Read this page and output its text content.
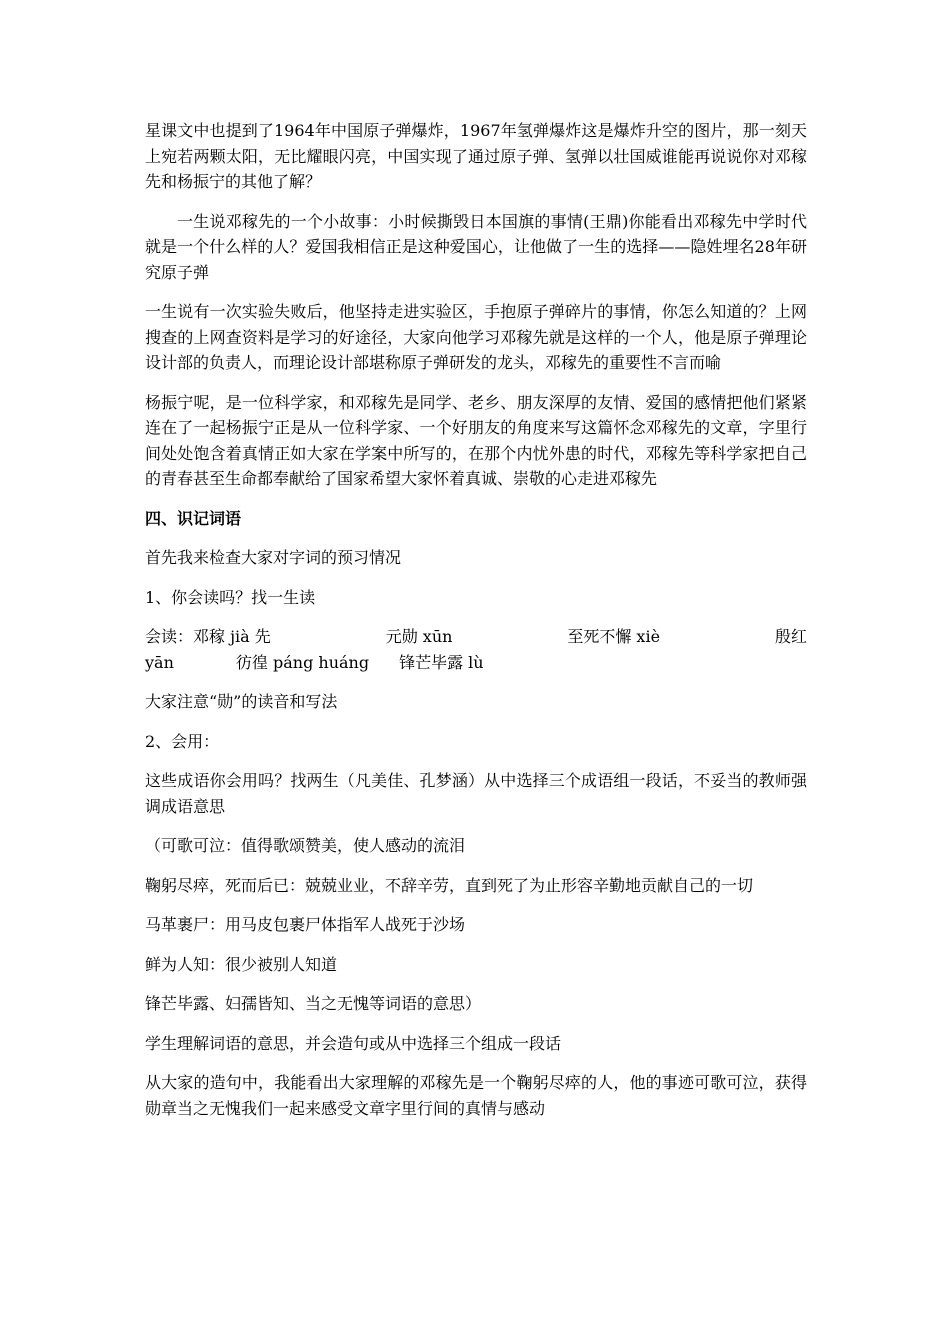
星课文中也提到了1964年中国原子弹爆炸，1967年氢弹爆炸这是爆炸升空的图片，那一刻天上宛若两颗太阳，无比耀眼闪亮，中国实现了通过原子弹、氢弹以壮国威谁能再说说你对邓稼先和杨振宁的其他了解？

一生说邓稼先的一个小故事：小时候撕毁日本国旗的事情(王鼎)你能看出邓稼先中学时代就是一个什么样的人？爱国我相信正是这种爱国心，让他做了一生的选择——隐姓埋名28年研究原子弹

一生说有一次实验失败后，他坚持走进实验区，手抱原子弹碎片的事情，你怎么知道的？上网搜查的上网查资料是学习的好途径，大家向他学习邓稼先就是这样的一个人，他是原子弹理论设计部的负责人，而理论设计部堪称原子弹研发的龙头，邓稼先的重要性不言而喻

杨振宁呢，是一位科学家，和邓稼先是同学、老乡、朋友深厚的友情、爱国的感情把他们紧紧连在了一起杨振宁正是从一位科学家、一个好朋友的角度来写这篇怀念邓稼先的文章，字里行间处处饱含着真情正如大家在学案中所写的，在那个内忧外患的时代，邓稼先等科学家把自己的青春甚至生命都奉献给了国家希望大家怀着真诚、崇敬的心走进邓稼先

四、识记词语

首先我来检查大家对字词的预习情况

1、你会读吗？找一生读

会读：邓稼 jià 先	元勋 xūn	至死不懈 xiè	殷红
yān	彷徨 páng huáng 锋芒毕露 lù

大家注意“勋”的读音和写法

2、会用：

这些成语你会用吗？找两生（凡美佳、孔梦涵）从中选择三个成语组一段话，不妥当的教师强调成语意思

（可歌可泣：值得歌颂赞美，使人感动的流泪

鞠躬尽瘁，死而后已：兢兢业业，不辞辛劳，直到死了为止形容辛勤地贡献自己的一切

马革裹尸：用马皮包裹尸体指军人战死于沙场

鲜为人知：很少被别人知道

锋芒毕露、妇孺皆知、当之无愧等词语的意思）

学生理解词语的意思，并会造句或从中选择三个组成一段话

从大家的造句中，我能看出大家理解的邓稼先是一个鞠躬尽瘁的人，他的事迹可歌可泣，获得勋章当之无愧我们一起来感受文章字里行间的真情与感动
